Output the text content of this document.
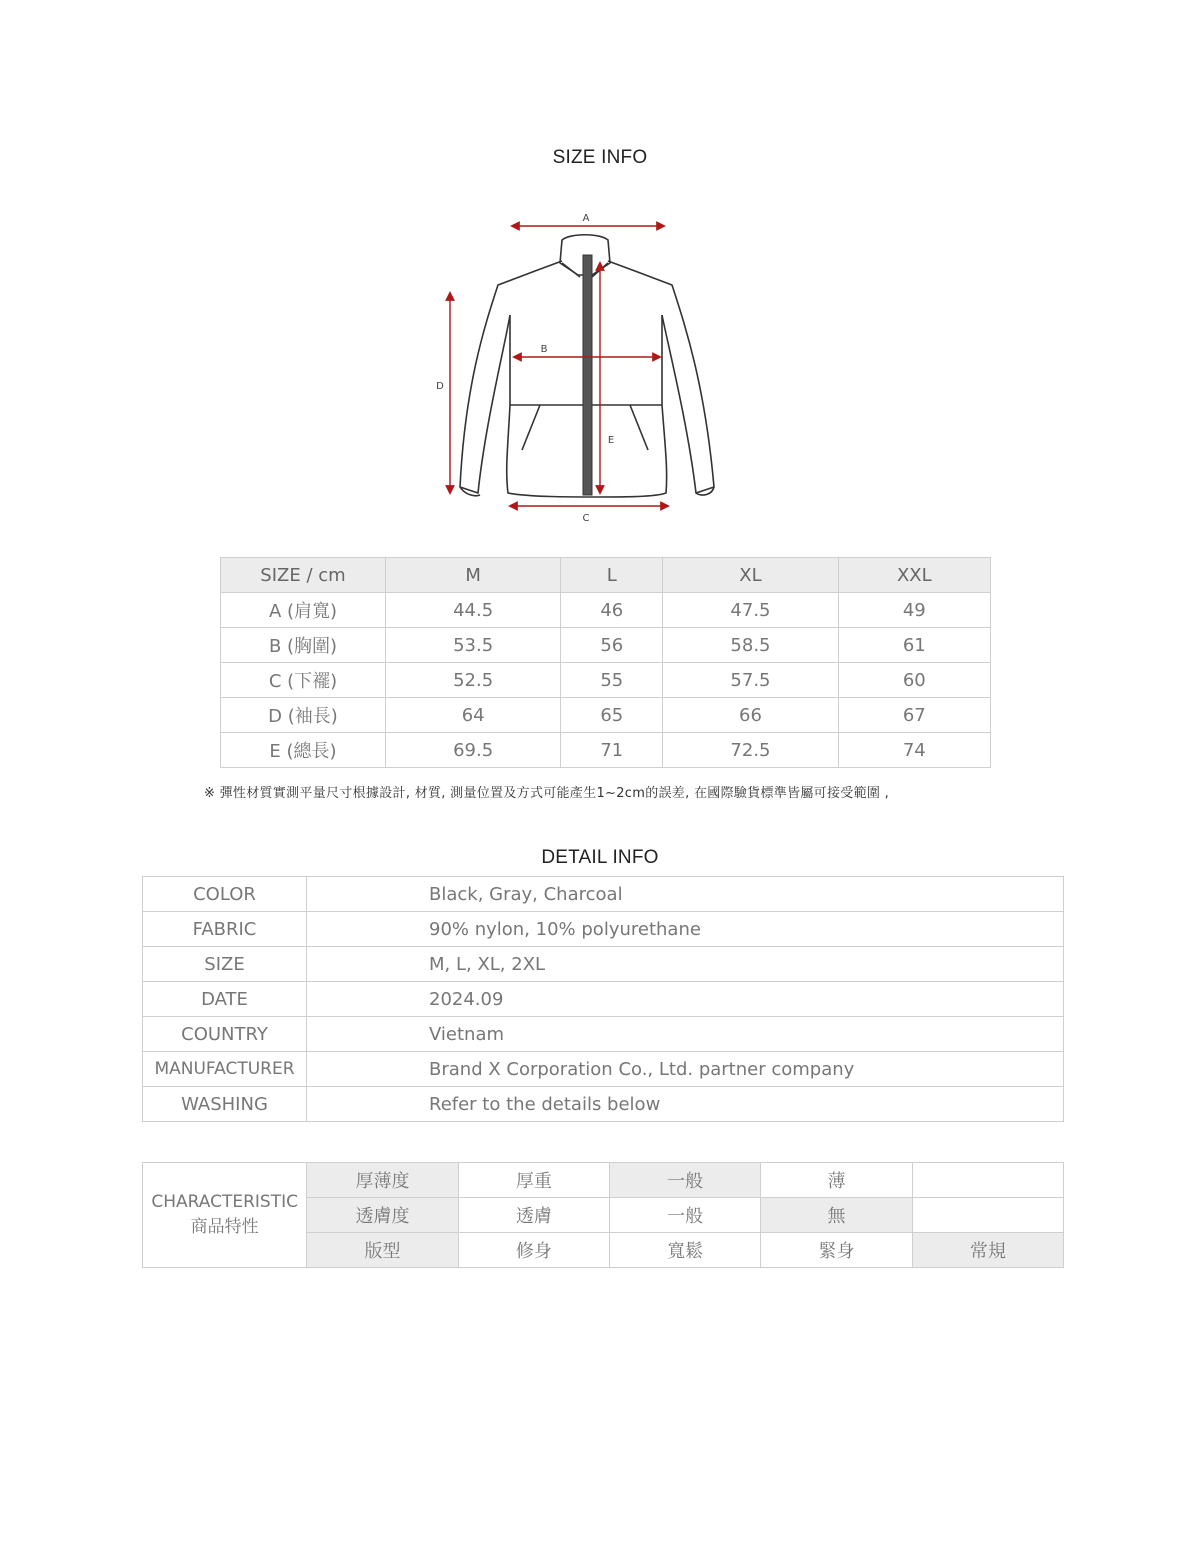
SIZE INFO
A
B
C
D
E
SIZE / cm	M	L	XL	XXL
A (肩寬)	44.5	46	47.5	49
B (胸圍)	53.5	56	58.5	61
C (下襬)	52.5	55	57.5	60
D (袖長)	64	65	66	67
E (總長)	69.5	71	72.5	74
※ 彈性材質實測平量尺寸根據設計, 材質, 測量位置及方式可能產生1~2cm的誤差, 在國際驗貨標準皆屬可接受範圍 ,
DETAIL INFO
COLOR	Black, Gray, Charcoal
FABRIC	90% nylon, 10% polyurethane
SIZE	M, L, XL, 2XL
DATE	2024.09
COUNTRY	Vietnam
MANUFACTURER	Brand X Corporation Co., Ltd. partner company
WASHING	Refer to the details below
CHARACTERISTIC
商品特性	厚薄度	厚重	一般	薄	
	透膚度	透膚	一般	無	
	版型	修身	寬鬆	緊身	常規
